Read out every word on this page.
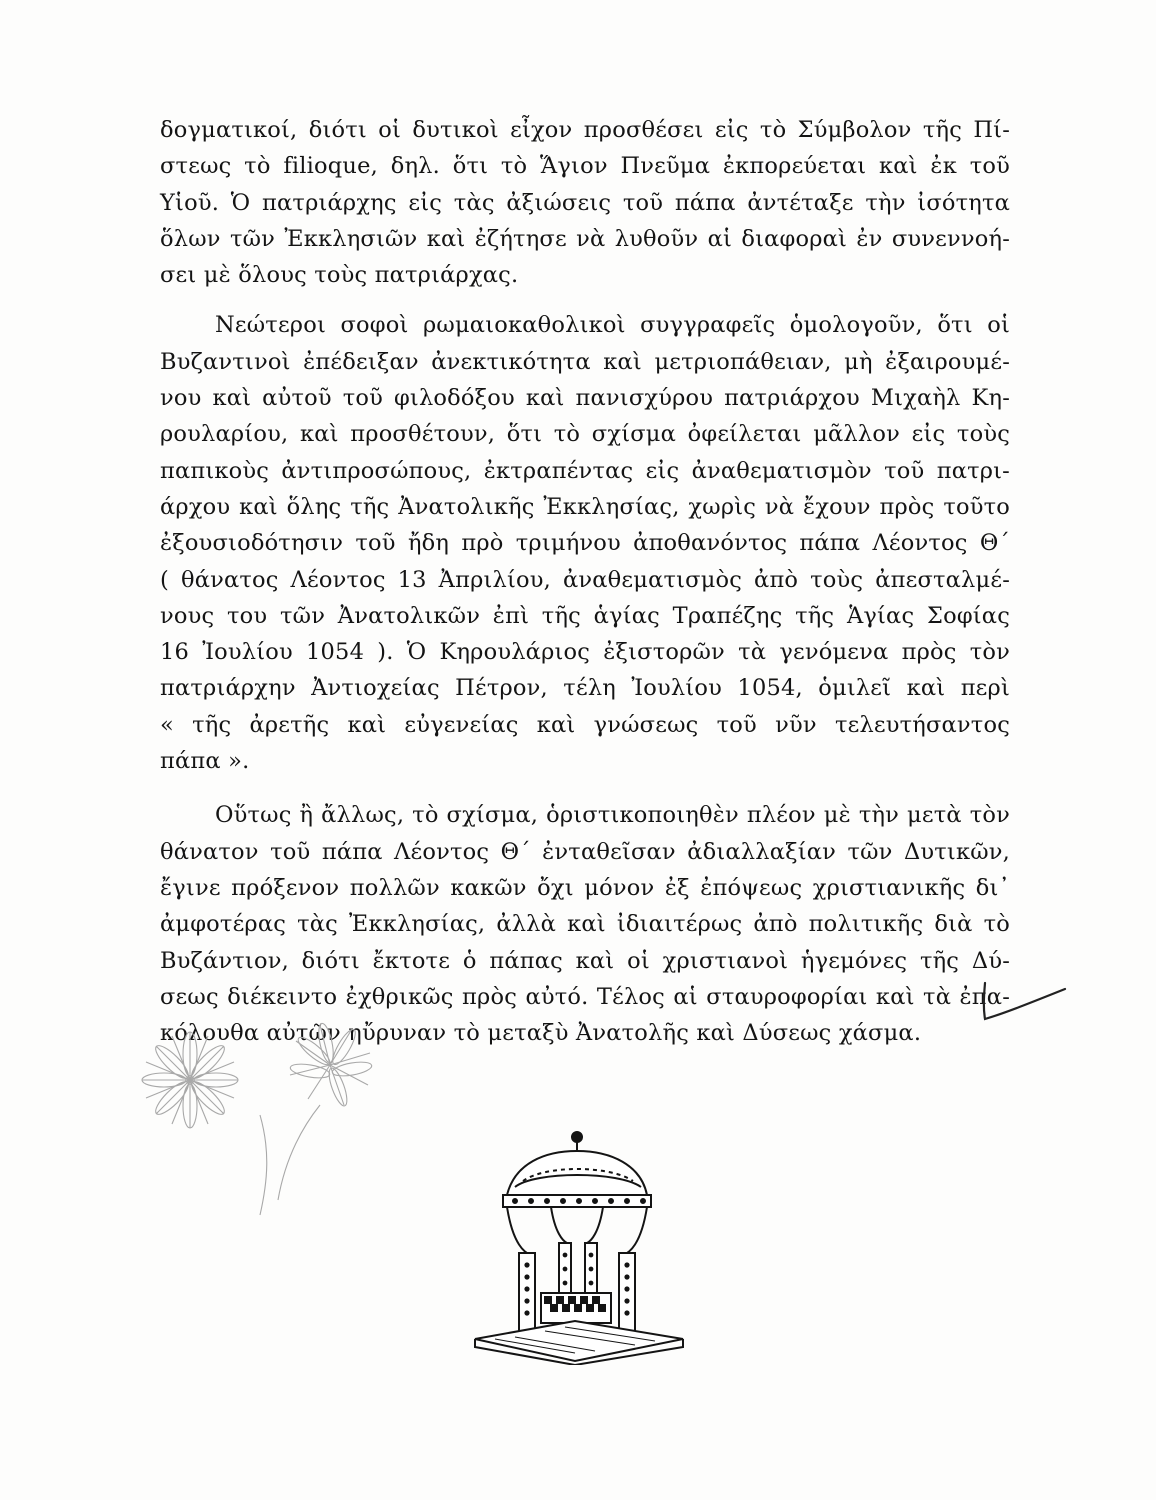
δογματικοί, διότι οἱ δυτικοὶ εἶχον προσθέσει εἰς τὸ Σύμβολον τῆς Πί-
στεως τὸ filioque, δηλ. ὅτι τὸ Ἅγιον Πνεῦμα ἐκπορεύεται καὶ ἐκ τοῦ
Υἱοῦ. Ὁ πατριάρχης εἰς τὰς ἀξιώσεις τοῦ πάπα ἀντέταξε τὴν ἰσότητα
ὅλων τῶν Ἐκκλησιῶν καὶ ἐζήτησε νὰ λυθοῦν αἱ διαφοραὶ ἐν συνεννοή-
σει μὲ ὅλους τοὺς πατριάρχας.
Νεώτεροι σοφοὶ ρωμαιοκαθολικοὶ συγγραφεῖς ὁμολογοῦν, ὅτι οἱ
Βυζαντινοὶ ἐπέδειξαν ἀνεκτικότητα καὶ μετριοπάθειαν, μὴ ἐξαιρουμέ-
νου καὶ αὐτοῦ τοῦ φιλοδόξου καὶ πανισχύρου πατριάρχου Μιχαὴλ Κη-
ρουλαρίου, καὶ προσθέτουν, ὅτι τὸ σχίσμα ὀφείλεται μᾶλλον εἰς τοὺς
παπικοὺς ἀντιπροσώπους, ἐκτραπέντας εἰς ἀναθεματισμὸν τοῦ πατρι-
άρχου καὶ ὅλης τῆς Ἀνατολικῆς Ἐκκλησίας, χωρὶς νὰ ἔχουν πρὸς τοῦτο
ἐξουσιοδότησιν τοῦ ἤδη πρὸ τριμήνου ἀποθανόντος πάπα Λέοντος Θ΄
( θάνατος Λέοντος 13 Ἀπριλίου, ἀναθεματισμὸς ἀπὸ τοὺς ἀπεσταλμέ-
νους του τῶν Ἀνατολικῶν ἐπὶ τῆς ἁγίας Τραπέζης τῆς Ἁγίας Σοφίας
16 Ἰουλίου 1054 ). Ὁ Κηρουλάριος ἐξιστορῶν τὰ γενόμενα πρὸς τὸν
πατριάρχην Ἀντιοχείας Πέτρον, τέλη Ἰουλίου 1054, ὁμιλεῖ καὶ περὶ
« τῆς ἀρετῆς καὶ εὐγενείας καὶ γνώσεως τοῦ νῦν τελευτήσαντος
πάπα ».
Οὕτως ἢ ἄλλως, τὸ σχίσμα, ὁριστικοποιηθὲν πλέον μὲ τὴν μετὰ τὸν
θάνατον τοῦ πάπα Λέοντος Θ΄ ἐνταθεῖσαν ἀδιαλλαξίαν τῶν Δυτικῶν,
ἔγινε πρόξενον πολλῶν κακῶν ὄχι μόνον ἐξ ἐπόψεως χριστιανικῆς δι᾽
ἀμφοτέρας τὰς Ἐκκλησίας, ἀλλὰ καὶ ἰδιαιτέρως ἀπὸ πολιτικῆς διὰ τὸ
Βυζάντιον, διότι ἔκτοτε ὁ πάπας καὶ οἱ χριστιανοὶ ἡγεμόνες τῆς Δύ-
σεως διέκειντο ἐχθρικῶς πρὸς αὐτό. Τέλος αἱ σταυροφορίαι καὶ τὰ ἐπα-
κόλουθα αὐτῶν ηὔρυναν τὸ μεταξὺ Ἀνατολῆς καὶ Δύσεως χάσμα.
